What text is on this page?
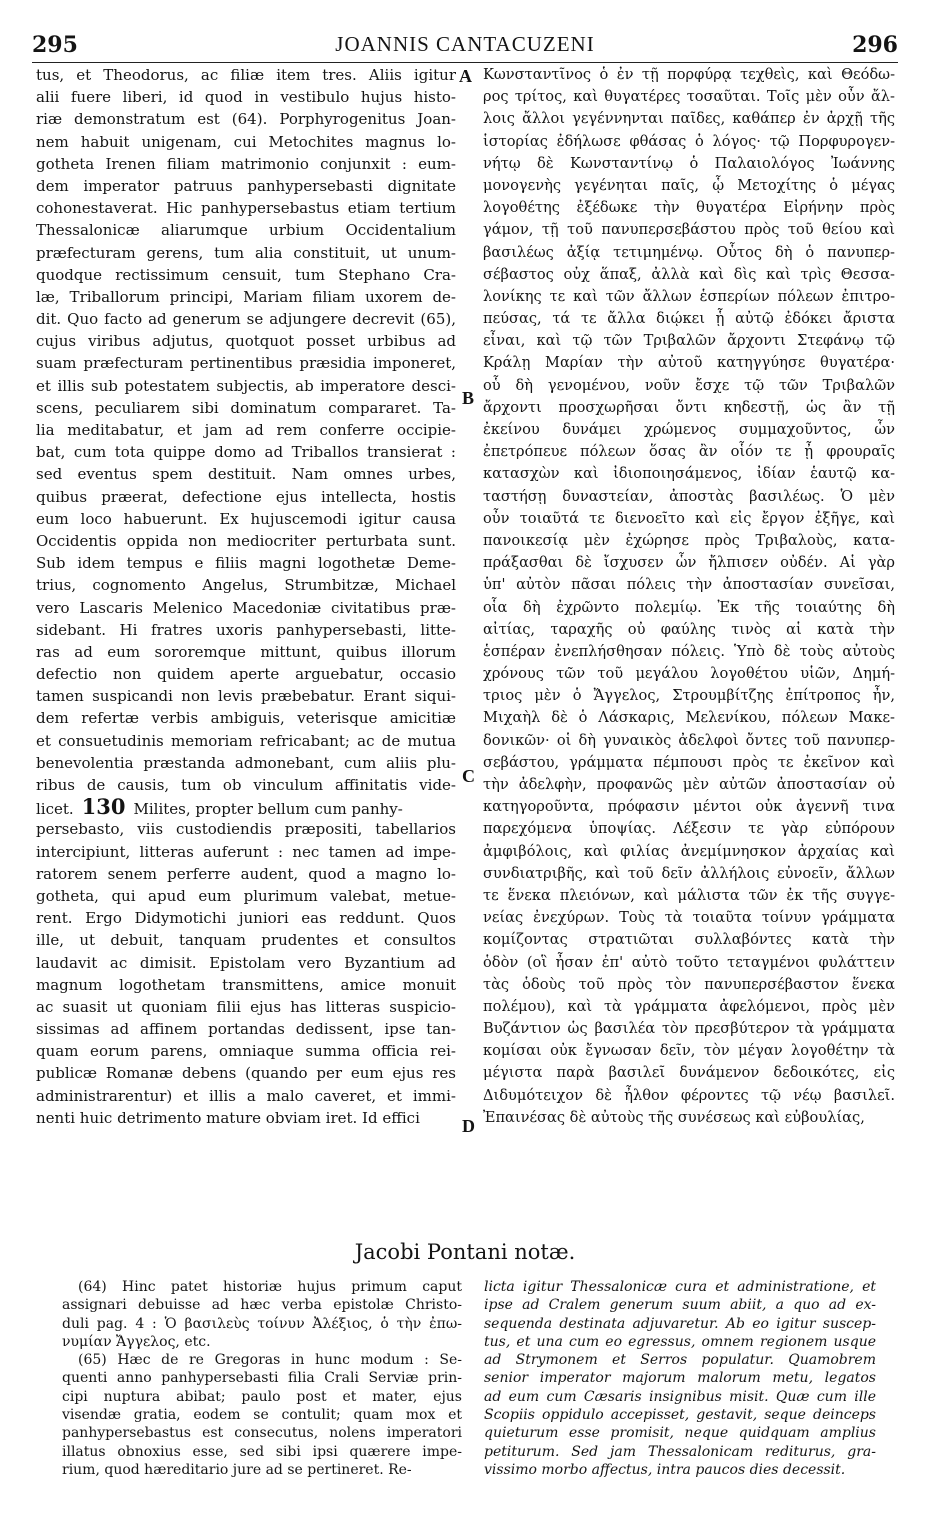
295	JOANNIS CANTACUZENI	296
tus, et Theodorus, ac filiæ item tres. Aliis igitur
alii fuere liberi, id quod in vestibulo hujus histo-
riæ demonstratum est (64). Porphyrogenitus Joan-
nem habuit unigenam, cui Metochites magnus lo-
gotheta Irenen filiam matrimonio conjunxit : eum-
dem imperator patruus panhypersebasti dignitate
cohonestaverat. Hic panhypersebastus etiam tertium
Thessalonicæ aliarumque urbium Occidentalium
præfecturam gerens, tum alia constituit, ut unum-
quodque rectissimum censuit, tum Stephano Cra-
læ, Triballorum principi, Mariam filiam uxorem de-
dit. Quo facto ad generum se adjungere decrevit (65),
cujus viribus adjutus, quotquot posset urbibus ad
suam præfecturam pertinentibus præsidia imponeret,
et illis sub potestatem subjectis, ab imperatore desci-
scens, peculiarem sibi dominatum compararet. Ta-
lia meditabatur, et jam ad rem conferre occipie-
bat, cum tota quippe domo ad Triballos transierat :
sed eventus spem destituit. Nam omnes urbes,
quibus præerat, defectione ejus intellecta, hostis
eum loco habuerunt. Ex hujuscemodi igitur causa
Occidentis oppida non mediocriter perturbata sunt.
Sub idem tempus e filiis magni logothetæ Deme-
trius, cognomento Angelus, Strumbitzæ, Michael
vero Lascaris Melenico Macedoniæ civitatibus præ-
sidebant. Hi fratres uxoris panhypersebasti, litte-
ras ad eum sororemque mittunt, quibus illorum
defectio non quidem aperte arguebatur, occasio
tamen suspicandi non levis præbebatur. Erant siqui-
dem refertæ verbis ambiguis, veterisque amicitiæ
et consuetudinis memoriam refricabant; ac de mutua
benevolentia præstanda admonebant, cum aliis plu-
ribus de causis, tum ob vinculum affinitatis vide-
licet. 130 Milites, propter bellum cum panhy-
persebasto, viis custodiendis præpositi, tabellarios
intercipiunt, litteras auferunt : nec tamen ad impe-
ratorem senem perferre audent, quod a magno lo-
gotheta, qui apud eum plurimum valebat, metue-
rent. Ergo Didymotichi juniori eas reddunt. Quos
ille, ut debuit, tanquam prudentes et consultos
laudavit ac dimisit. Epistolam vero Byzantium ad
magnum logothetam transmittens, amice monuit
ac suasit ut quoniam filii ejus has litteras suspicio-
sissimas ad affinem portandas dedissent, ipse tan-
quam eorum parens, omniaque summa officia rei-
publicæ Romanæ debens (quando per eum ejus res
administrarentur) et illis a malo caveret, et immi-
nenti huic detrimento mature obviam iret. Id effici
Κωνσταντῖνος ὁ ἐν τῇ πορφύρᾳ τεχθεὶς, καὶ Θεόδω-
ρος τρίτος, καὶ θυγατέρες τοσαῦται. Τοῖς μὲν οὖν ἄλ-
λοις ἄλλοι γεγέννηνται παῖδες, καθάπερ ἐν ἀρχῇ τῆς
ἱστορίας ἐδήλωσε φθάσας ὁ λόγος· τῷ Πορφυρογεν-
νήτῳ δὲ Κωνσταντίνῳ ὁ Παλαιολόγος Ἰωάννης
μονογενὴς γεγένηται παῖς, ᾧ Μετοχίτης ὁ μέγας
λογοθέτης ἐξέδωκε τὴν θυγατέρα Εἰρήνην πρὸς
γάμον, τῇ τοῦ πανυπερσεβάστου πρὸς τοῦ θείου καὶ
βασιλέως ἀξίᾳ τετιμημένῳ. Οὗτος δὴ ὁ πανυπερ-
σέβαστος οὐχ ἅπαξ, ἀλλὰ καὶ δὶς καὶ τρὶς Θεσσα-
λονίκης τε καὶ τῶν ἄλλων ἑσπερίων πόλεων ἐπιτρο-
πεύσας, τά τε ἄλλα διῴκει ᾗ αὐτῷ ἐδόκει ἄριστα
εἶναι, καὶ τῷ τῶν Τριβαλῶν ἄρχοντι Στεφάνῳ τῷ
Κράλῃ Μαρίαν τὴν αὐτοῦ κατηγγύησε θυγατέρα·
οὗ δὴ γενομένου, νοῦν ἔσχε τῷ τῶν Τριβαλῶν
ἄρχοντι προσχωρῆσαι ὄντι κηδεστῇ, ὡς ἂν τῇ
ἐκείνου δυνάμει χρώμενος συμμαχοῦντος, ὧν
ἐπετρόπευε πόλεων ὅσας ἂν οἷόν τε ᾖ φρουραῖς
κατασχὼν καὶ ἰδιοποιησάμενος, ἰδίαν ἑαυτῷ κα-
ταστήσῃ δυναστείαν, ἀποστὰς βασιλέως. Ὁ μὲν
οὖν τοιαῦτά τε διενοεῖτο καὶ εἰς ἔργον ἐξῆγε, καὶ
πανοικεσίᾳ μὲν ἐχώρησε πρὸς Τριβαλοὺς, κατα-
πράξασθαι δὲ ἴσχυσεν ὧν ἤλπισεν οὐδέν. Αἱ γὰρ
ὑπ' αὐτὸν πᾶσαι πόλεις τὴν ἀποστασίαν συνεῖσαι,
οἷα δὴ ἐχρῶντο πολεμίῳ. Ἐκ τῆς τοιαύτης δὴ
αἰτίας, ταραχῆς οὐ φαύλης τινὸς αἱ κατὰ τὴν
ἑσπέραν ἐνεπλήσθησαν πόλεις. Ὑπὸ δὲ τοὺς αὐτοὺς
χρόνους τῶν τοῦ μεγάλου λογοθέτου υἱῶν, Δημή-
τριος μὲν ὁ Ἄγγελος, Στρουμβίτζης ἐπίτροπος ἦν,
Μιχαὴλ δὲ ὁ Λάσκαρις, Μελενίκου, πόλεων Μακε-
δονικῶν· οἱ δὴ γυναικὸς ἀδελφοὶ ὄντες τοῦ πανυπερ-
σεβάστου, γράμματα πέμπουσι πρὸς τε ἐκεῖνον καὶ
τὴν ἀδελφὴν, προφανῶς μὲν αὐτῶν ἀποστασίαν οὐ
κατηγοροῦντα, πρόφασιν μέντοι οὐκ ἀγεννῆ τινα
παρεχόμενα ὑποψίας. Λέξεσιν τε γὰρ εὐπόρουν
ἀμφιβόλοις, καὶ φιλίας ἀνεμίμνησκον ἀρχαίας καὶ
συνδιατριβῆς, καὶ τοῦ δεῖν ἀλλήλοις εὐνοεῖν, ἄλλων
τε ἕνεκα πλειόνων, καὶ μάλιστα τῶν ἐκ τῆς συγγε-
νείας ἐνεχύρων. Τοὺς τὰ τοιαῦτα τοίνυν γράμματα
κομίζοντας στρατιῶται συλλαβόντες κατὰ τὴν
ὁδὸν (οἳ ἦσαν ἐπ' αὐτὸ τοῦτο τεταγμένοι φυλάττειν
τὰς ὁδοὺς τοῦ πρὸς τὸν πανυπερσέβαστον ἕνεκα
πολέμου), καὶ τὰ γράμματα ἀφελόμενοι, πρὸς μὲν
Βυζάντιον ὡς βασιλέα τὸν πρεσβύτερον τὰ γράμματα
κομίσαι οὐκ ἔγνωσαν δεῖν, τὸν μέγαν λογοθέτην τὰ
μέγιστα παρὰ βασιλεῖ δυνάμενον δεδοικότες, εἰς
Διδυμότειχον δὲ ἦλθον φέροντες τῷ νέῳ βασιλεῖ.
Ἐπαινέσας δὲ αὐτοὺς τῆς συνέσεως καὶ εὐβουλίας,
A
B
C
D
Jacobi Pontani notæ.
(64) Hinc patet historiæ hujus primum caput
assignari debuisse ad hæc verba epistolæ Christo-
duli pag. 4 : Ὁ βασιλεὺς τοίνυν Ἀλέξιος, ὁ τὴν ἐπω-
νυμίαν Ἄγγελος, etc.
(65) Hæc de re Gregoras in hunc modum : Se-
quenti anno panhypersebasti filia Crali Serviæ prin-
cipi nuptura abibat; paulo post et mater, ejus
visendæ gratia, eodem se contulit; quam mox et
panhypersebastus est consecutus, nolens imperatori
illatus obnoxius esse, sed sibi ipsi quærere impe-
rium, quod hæreditario jure ad se pertineret. Re-
licta igitur Thessalonicæ cura et administratione, et
ipse ad Cralem generum suum abiit, a quo ad ex-
sequenda destinata adjuvaretur. Ab eo igitur suscep-
tus, et una cum eo egressus, omnem regionem usque
ad Strymonem et Serros populatur. Quamobrem
senior imperator majorum malorum metu, legatos
ad eum cum Cæsaris insignibus misit. Quæ cum ille
Scopiis oppidulo accepisset, gestavit, seque deinceps
quieturum esse promisit, neque quidquam amplius
petiturum. Sed jam Thessalonicam rediturus, gra-
vissimo morbo affectus, intra paucos dies decessit.
